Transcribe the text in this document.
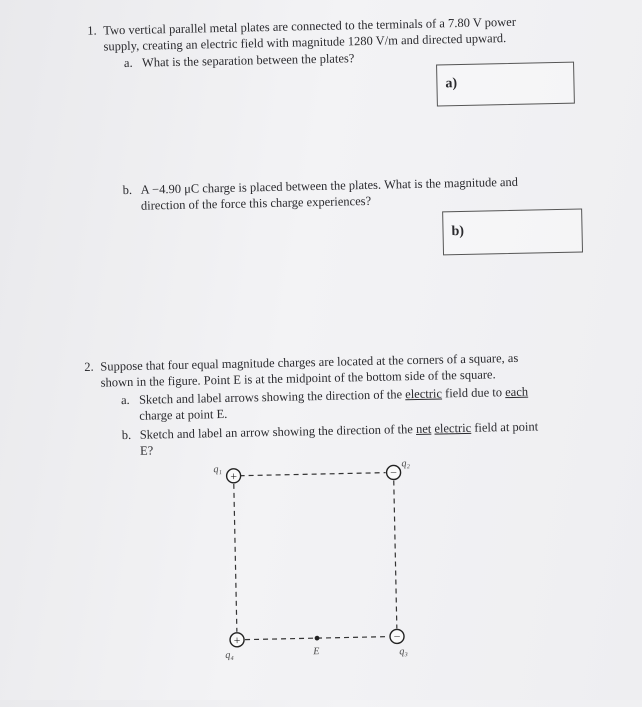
1. Two vertical parallel metal plates are connected to the terminals of a 7.80 V power
supply, creating an electric field with magnitude 1280 V/m and directed upward.
a. What is the separation between the plates?
a)
b. A −4.90 μC charge is placed between the plates. What is the magnitude and
direction of the force this charge experiences?
b)
2. Suppose that four equal magnitude charges are located at the corners of a square, as
shown in the figure. Point E is at the midpoint of the bottom side of the square.
a. Sketch and label arrows showing the direction of the electric field due to each
charge at point E.
b. Sketch and label an arrow showing the direction of the net electric field at point
E?
+	−
−
+
q₁
q₂
q₃
q₄	E
